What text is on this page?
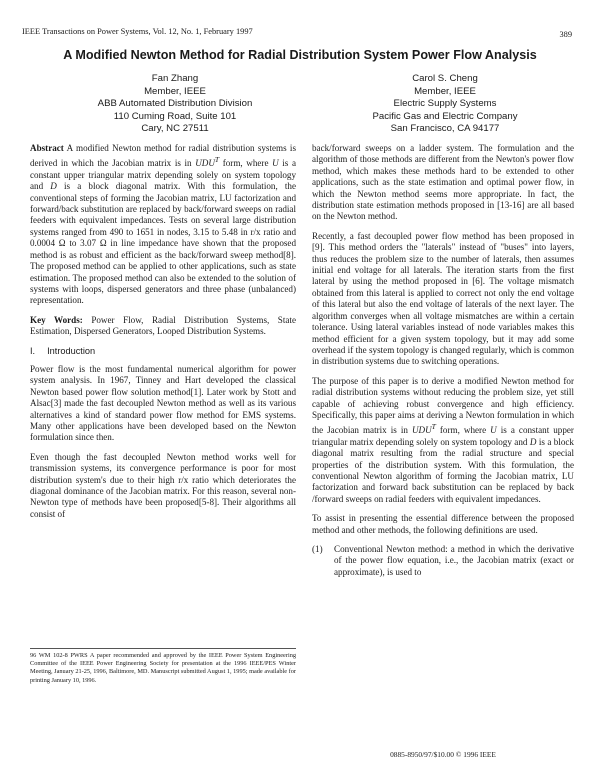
IEEE Transactions on Power Systems, Vol. 12, No. 1, February 1997	389
A Modified Newton Method for Radial Distribution System Power Flow Analysis
Fan Zhang
Member, IEEE
ABB Automated Distribution Division
110 Cuming Road, Suite 101
Cary, NC 27511
Carol S. Cheng
Member, IEEE
Electric Supply Systems
Pacific Gas and Electric Company
San Francisco, CA 94177

Abstract A modified Newton method for radial distribution systems is derived in which the Jacobian matrix is in $UDU^T$ form, where U is a constant upper triangular matrix depending solely on system topology and D is a block diagonal matrix. With this formulation, the conventional steps of forming the Jacobian matrix, LU factorization and forward/back substitution are replaced by back/forward sweeps on radial feeders with equivalent impedances. Tests on several large distribution systems ranged from 490 to 1651 in nodes, 3.15 to 5.48 in r/x ratio and 0.0004 Ω to 3.07 Ω in line impedance have shown that the proposed method is as robust and efficient as the back/forward sweep method[8]. The proposed method can be applied to other applications, such as state estimation. The proposed method can also be extended to the solution of systems with loops, dispersed generators and three phase (unbalanced) representation.

Key Words: Power Flow, Radial Distribution Systems, State Estimation, Dispersed Generators, Looped Distribution Systems.

I. Introduction

Power flow is the most fundamental numerical algorithm for power system analysis. In 1967, Tinney and Hart developed the classical Newton based power flow solution method[1]. Later work by Stott and Alsac[3] made the fast decoupled Newton method as well as its various alternatives a kind of standard power flow method for EMS systems. Many other applications have been developed based on the Newton formulation since then.

Even though the fast decoupled Newton method works well for transmission systems, its convergence performance is poor for most distribution system's due to their high r/x ratio which deteriorates the diagonal dominance of the Jacobian matrix. For this reason, several non-Newton type of methods have been proposed[5-8]. Their algorithms all consist of

96 WM 102-8 PWRS A paper recommended and approved by the IEEE Power System Engineering Committee of the IEEE Power Engineering Society for presentation at the 1996 IEEE/PES Winter Meeting, January 21-25, 1996, Baltimore, MD. Manuscript submitted August 1, 1995; made available for printing January 10, 1996.

back/forward sweeps on a ladder system. The formulation and the algorithm of those methods are different from the Newton's power flow method, which makes these methods hard to be extended to other applications, such as the state estimation and optimal power flow, in which the Newton method seems more appropriate. In fact, the distribution state estimation methods proposed in [13-16] are all based on the Newton method.

Recently, a fast decoupled power flow method has been proposed in [9]. This method orders the "laterals" instead of "buses" into layers, thus reduces the problem size to the number of laterals, then assumes initial end voltage for all laterals. The iteration starts from the first lateral by using the method proposed in [6]. The voltage mismatch obtained from this lateral is applied to correct not only the end voltage of this lateral but also the end voltage of laterals of the next layer. The algorithm converges when all voltage mismatches are within a certain tolerance. Using lateral variables instead of node variables makes this method efficient for a given system topology, but it may add some overhead if the system topology is changed regularly, which is common in distribution systems due to switching operations.

The purpose of this paper is to derive a modified Newton method for radial distribution systems without reducing the problem size, yet still capable of achieving robust convergence and high efficiency. Specifically, this paper aims at deriving a Newton formulation in which the Jacobian matrix is in $UDU^T$ form, where U is a constant upper triangular matrix depending solely on system topology and D is a block diagonal matrix resulting from the radial structure and special properties of the distribution system. With this formulation, the conventional Newton algorithm of forming the Jacobian matrix, LU factorization and forward back substitution can be replaced by back /forward sweeps on radial feeders with equivalent impedances.

To assist in presenting the essential difference between the proposed method and other methods, the following definitions are used.

(1) Conventional Newton method: a method in which the derivative of the power flow equation, i.e., the Jacobian matrix (exact or approximate), is used to
0885-8950/97/$10.00 © 1996 IEEE
